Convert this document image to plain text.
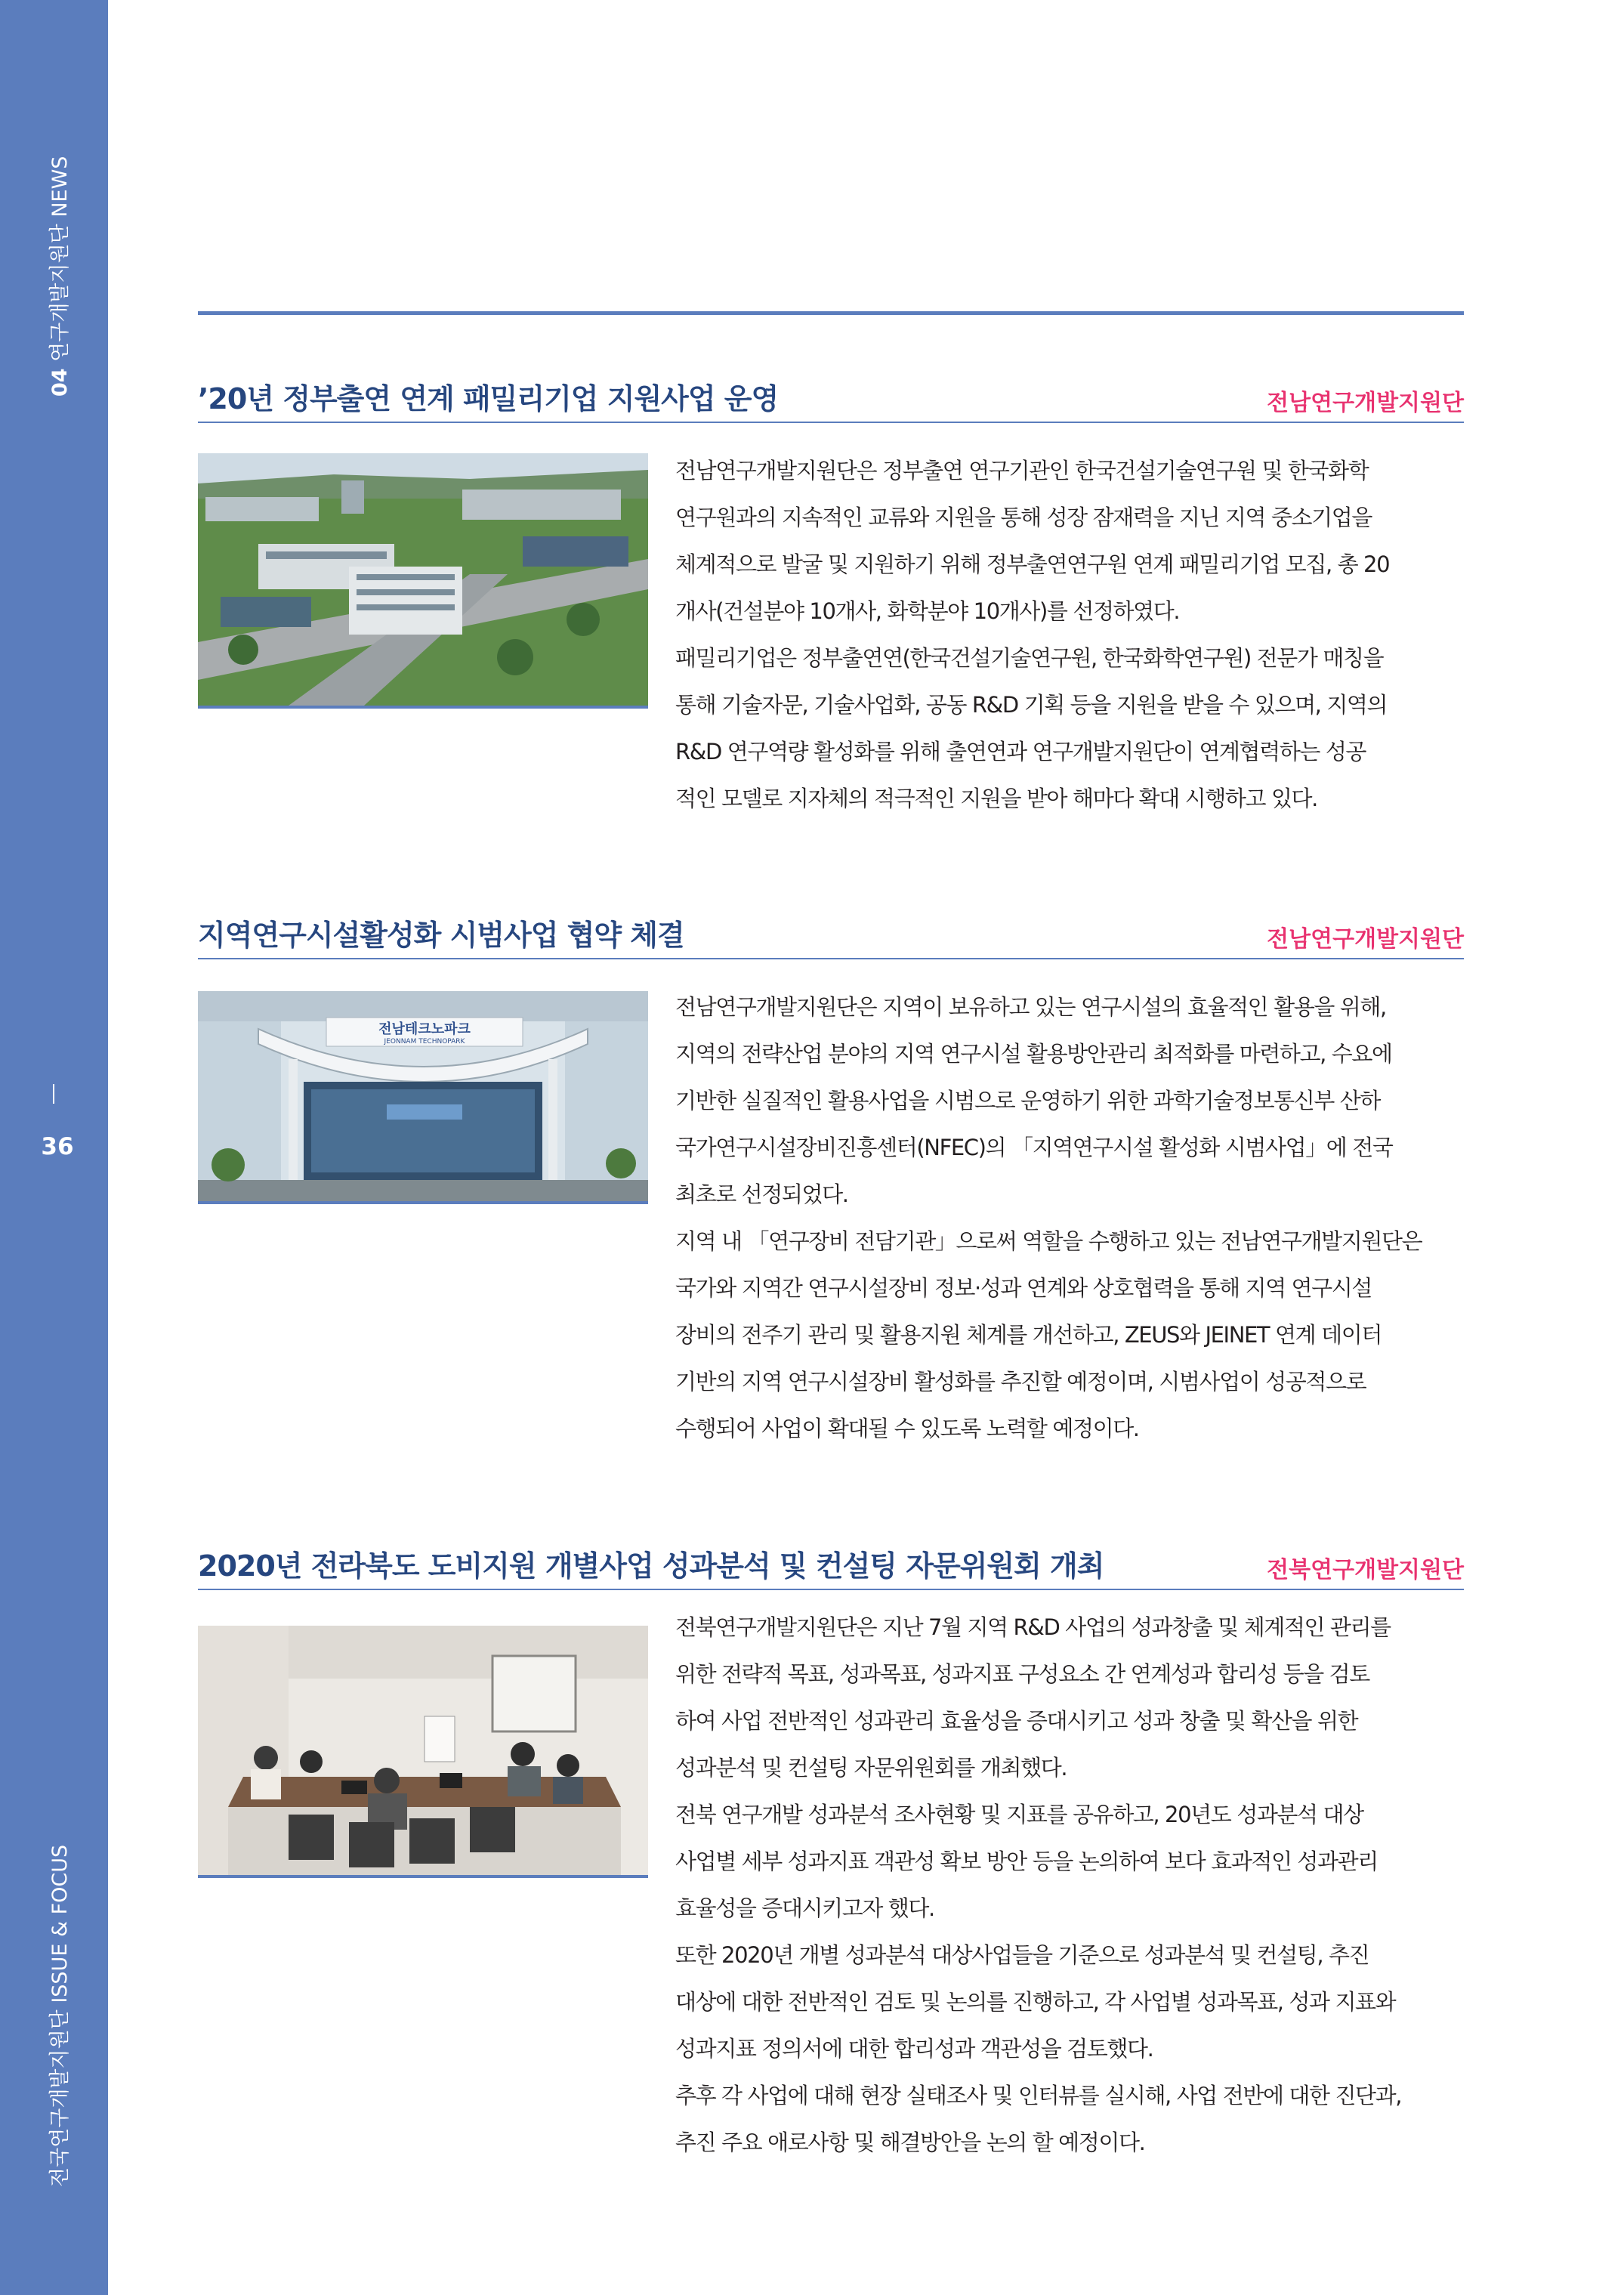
04 연구개발지원단 NEWS
36
전국연구개발지원단 ISSUE & FOCUS
’20년 정부출연 연계 패밀리기업 지원사업 운영	전남연구개발지원단

전남연구개발지원단은 정부출연 연구기관인 한국건설기술연구원 및 한국화학

연구원과의 지속적인 교류와 지원을 통해 성장 잠재력을 지닌 지역 중소기업을

체계적으로 발굴 및 지원하기 위해 정부출연연구원 연계 패밀리기업 모집, 총 20

개사(건설분야 10개사, 화학분야 10개사)를 선정하였다.

패밀리기업은 정부출연연(한국건설기술연구원, 한국화학연구원) 전문가 매칭을

통해 기술자문, 기술사업화, 공동 R&D 기획 등을 지원을 받을 수 있으며, 지역의

R&D 연구역량 활성화를 위해 출연연과 연구개발지원단이 연계협력하는 성공

적인 모델로 지자체의 적극적인 지원을 받아 해마다 확대 시행하고 있다.

지역연구시설활성화 시범사업 협약 체결	전남연구개발지원단
전남테크노파크
JEONNAM TECHNOPARK

전남연구개발지원단은 지역이 보유하고 있는 연구시설의 효율적인 활용을 위해,

지역의 전략산업 분야의 지역 연구시설 활용방안관리 최적화를 마련하고, 수요에

기반한 실질적인 활용사업을 시범으로 운영하기 위한 과학기술정보통신부 산하

국가연구시설장비진흥센터(NFEC)의 「지역연구시설 활성화 시범사업」에 전국

최초로 선정되었다.

지역 내 「연구장비 전담기관」으로써 역할을 수행하고 있는 전남연구개발지원단은

국가와 지역간 연구시설장비 정보·성과 연계와 상호협력을 통해 지역 연구시설

장비의 전주기 관리 및 활용지원 체계를 개선하고, ZEUS와 JEINET 연계 데이터

기반의 지역 연구시설장비 활성화를 추진할 예정이며, 시범사업이 성공적으로

수행되어 사업이 확대될 수 있도록 노력할 예정이다.

2020년 전라북도 도비지원 개별사업 성과분석 및 컨설팅 자문위원회 개최	전북연구개발지원단

전북연구개발지원단은 지난 7월 지역 R&D 사업의 성과창출 및 체계적인 관리를

위한 전략적 목표, 성과목표, 성과지표 구성요소 간 연계성과 합리성 등을 검토

하여 사업 전반적인 성과관리 효율성을 증대시키고 성과 창출 및 확산을 위한

성과분석 및 컨설팅 자문위원회를 개최했다.

전북 연구개발 성과분석 조사현황 및 지표를 공유하고, 20년도 성과분석 대상

사업별 세부 성과지표 객관성 확보 방안 등을 논의하여 보다 효과적인 성과관리

효율성을 증대시키고자 했다.

또한 2020년 개별 성과분석 대상사업들을 기준으로 성과분석 및 컨설팅, 추진

대상에 대한 전반적인 검토 및 논의를 진행하고, 각 사업별 성과목표, 성과 지표와

성과지표 정의서에 대한 합리성과 객관성을 검토했다.

추후 각 사업에 대해 현장 실태조사 및 인터뷰를 실시해, 사업 전반에 대한 진단과,

추진 주요 애로사항 및 해결방안을 논의 할 예정이다.
